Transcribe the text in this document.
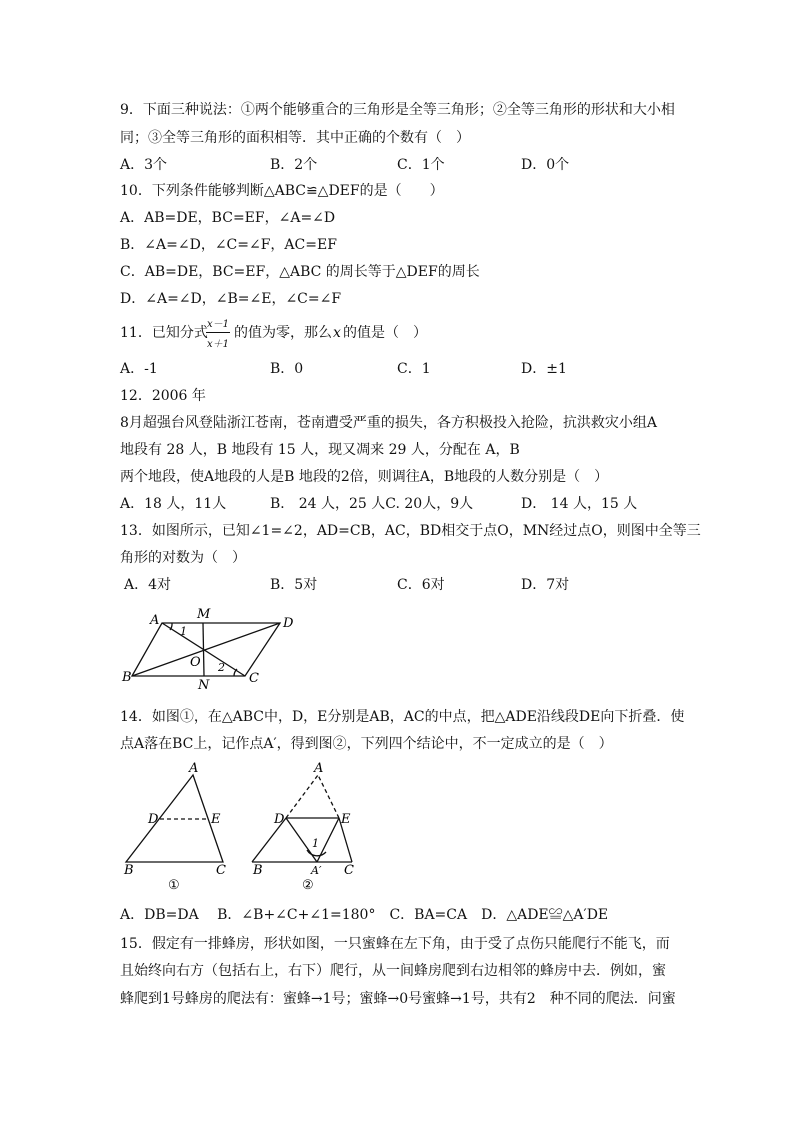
9．下面三种说法：①两个能够重合的三角形是全等三角形；②全等三角形的形状和大小相
同；③全等三角形的面积相等．其中正确的个数有（　）
A．3个	B．2个	C．1个	D．0个
10．下列条件能够判断△ABC≌△DEF的是（　　）
A．AB=DE，BC=EF，∠A=∠D
B．∠A=∠D，∠C=∠F，AC=EF
C．AB=DE，BC=EF，△ABC 的周长等于△DEF的周长
D．∠A=∠D，∠B=∠E，∠C=∠F
11．已知分式
x－1
x＋1
的值为零，那么 x 的值是（　）
A．-1	B．0	C．1	D．±1
12．2006 年
8月超强台风登陆浙江苍南，苍南遭受严重的损失，各方积极投入抢险，抗洪救灾小组A
地段有 28 人，B 地段有 15 人，现又凋来 29 人，分配在 A，B
两个地段，使A地段的人是B 地段的2倍，则调往A，B地段的人数分别是（　）
A．18 人，11人	B． 24 人，25 人C. 20人，9人	D． 14 人，15 人
13．如图所示，已知∠1=∠2，AD=CB，AC，BD相交于点O，MN经过点O，则图中全等三
角形的对数为（　）
A．4对	B．5对	C．6对	D．7对
A	M
D
B
N	C
O
1
2
14．如图①，在△ABC中，D，E分别是AB，AC的中点，把△ADE沿线段DE向下折叠．使
点A落在BC上，记作点A′，得到图②，下列四个结论中，不一定成立的是（　）
A
D	E
B	C
①
A
D	E
B	C
A′
1
②
A．DB=DA　 B．∠B+∠C+∠1=180°　C．BA=CA　D．△ADE≌△A′DE
15．假定有一排蜂房，形状如图，一只蜜蜂在左下角，由于受了点伤只能爬行不能飞，而
且始终向右方（包括右上，右下）爬行，从一间蜂房爬到右边相邻的蜂房中去．例如，蜜
蜂爬到1号蜂房的爬法有：蜜蜂→1号；蜜蜂→0号蜜蜂→1号，共有2　种不同的爬法．问蜜
